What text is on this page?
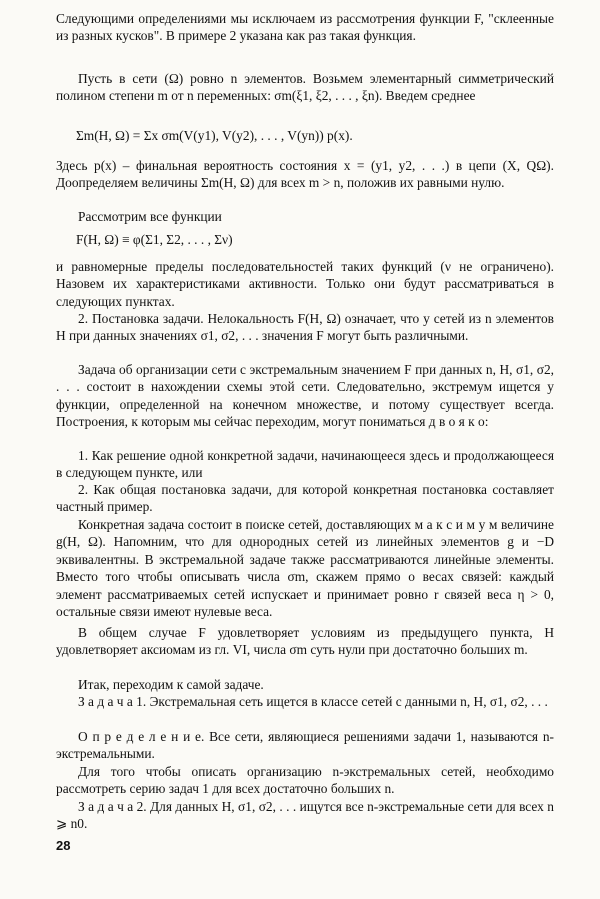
Следующими определениями мы исключаем из рассмотрения функции F, "склеенные из разных кусков". В примере 2 указана как раз такая функция.
Пусть в сети (Ω) ровно n элементов. Возьмем элементарный симметрический полином степени m от n переменных: σm(ξ1, ξ2, . . . , ξn). Введем среднее
Σm(H, Ω) = Σx σm(V(y1), V(y2), . . . , V(yn)) p(x).
Здесь p(x) – финальная вероятность состояния x = (y1, y2, . . .) в цепи (X, QΩ). Доопределяем величины Σm(H, Ω) для всех m > n, положив их равными нулю.
Рассмотрим все функции
F(H, Ω) ≡ φ(Σ1, Σ2, . . . , Σν)
и равномерные пределы последовательностей таких функций (ν не ограничено). Назовем их характеристиками активности. Только они будут рассматриваться в следующих пунктах.
2. Постановка задачи. Нелокальность F(H, Ω) означает, что у сетей из n элементов H при данных значениях σ1, σ2, . . . значения F могут быть различными.
Задача об организации сети с экстремальным значением F при данных n, H, σ1, σ2, . . . состоит в нахождении схемы этой сети. Следовательно, экстремум ищется у функции, определенной на конечном множестве, и потому существует всегда. Построения, к которым мы сейчас переходим, могут пониматься д в о я к о:
1. Как решение одной конкретной задачи, начинающееся здесь и продолжающееся в следующем пункте, или
2. Как общая постановка задачи, для которой конкретная постановка составляет частный пример.
Конкретная задача состоит в поиске сетей, доставляющих м а к с и м у м величине g(H, Ω). Напомним, что для однородных сетей из линейных элементов g и −D эквивалентны. В экстремальной задаче также рассматриваются линейные элементы. Вместо того чтобы описывать числа σm, скажем прямо о весах связей: каждый элемент рассматриваемых сетей испускает и принимает ровно r связей веса η > 0, остальные связи имеют нулевые веса.
В общем случае F удовлетворяет условиям из предыдущего пункта, H удовлетворяет аксиомам из гл. VI, числа σm суть нули при достаточно больших m.
Итак, переходим к самой задаче.
З а д а ч а 1. Экстремальная сеть ищется в классе сетей с данными n, H, σ1, σ2, . . .
О п р е д е л е н и е. Все сети, являющиеся решениями задачи 1, называются n-экстремальными.
Для того чтобы описать организацию n-экстремальных сетей, необходимо рассмотреть серию задач 1 для всех достаточно больших n.
З а д а ч а 2. Для данных H, σ1, σ2, . . . ищутся все n-экстремальные сети для всех n ⩾ n0.
28
